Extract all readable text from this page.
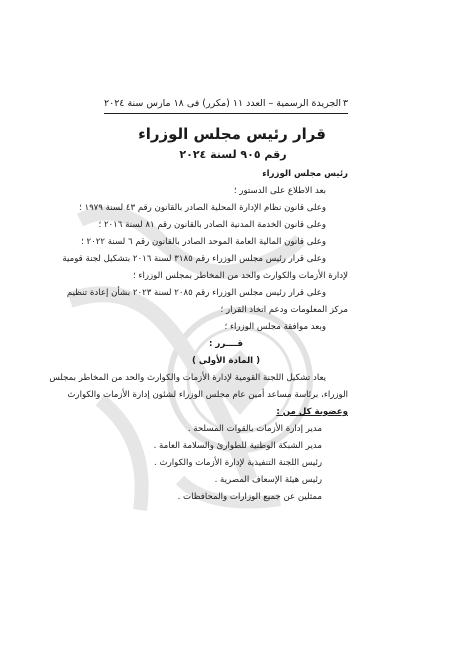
٣
الجريدة الرسمية – العدد ١١ (مكرر) فى ١٨ مارس سنة ٢٠٢٤
قرار رئيس مجلس الوزراء
رقم ٩٠٥ لسنة ٢٠٢٤
رئيس مجلس الوزراء
بعد الاطلاع على الدستور ؛
وعلى قانون نظام الإدارة المحلية الصادر بالقانون رقم ٤٣ لسنة ١٩٧٩ ؛
وعلى قانون الخدمة المدنية الصادر بالقانون رقم ٨١ لسنة ٢٠١٦ ؛
وعلى قانون المالية العامة الموحد الصادر بالقانون رقم ٦ لسنة ٢٠٢٢ ؛
وعلى قرار رئيس مجلس الوزراء رقم ٣١٨٥ لسنة ٢٠١٦ بتشكيل لجنة قومية
لإدارة الأزمات والكوارث والحد من المخاطر بمجلس الوزراء ؛
وعلى قرار رئيس مجلس الوزراء رقم ٢٠٨٥ لسنة ٢٠٢٣ بشأن إعادة تنظيم
مركز المعلومات ودعم اتخاذ القرار ؛
وبعد موافقة مجلس الوزراء ؛
قــــرر :
( المادة الأولى )
يعاد تشكيل اللجنة القومية لإدارة الأزمات والكوارث والحد من المخاطر بمجلس
الوزراء، برئاسة مساعد أمين عام مجلس الوزراء لشئون إدارة الأزمات والكوارث
وعضوية كل من :
مدير إدارة الأزمات بالقوات المسلحة .
مدير الشبكة الوطنية للطوارئ والسلامة العامة .
رئيس اللجنة التنفيذية لإدارة الأزمات والكوارث .
رئيس هيئة الإسعاف المصرية .
ممثلين عن جميع الوزارات والمحافظات .
